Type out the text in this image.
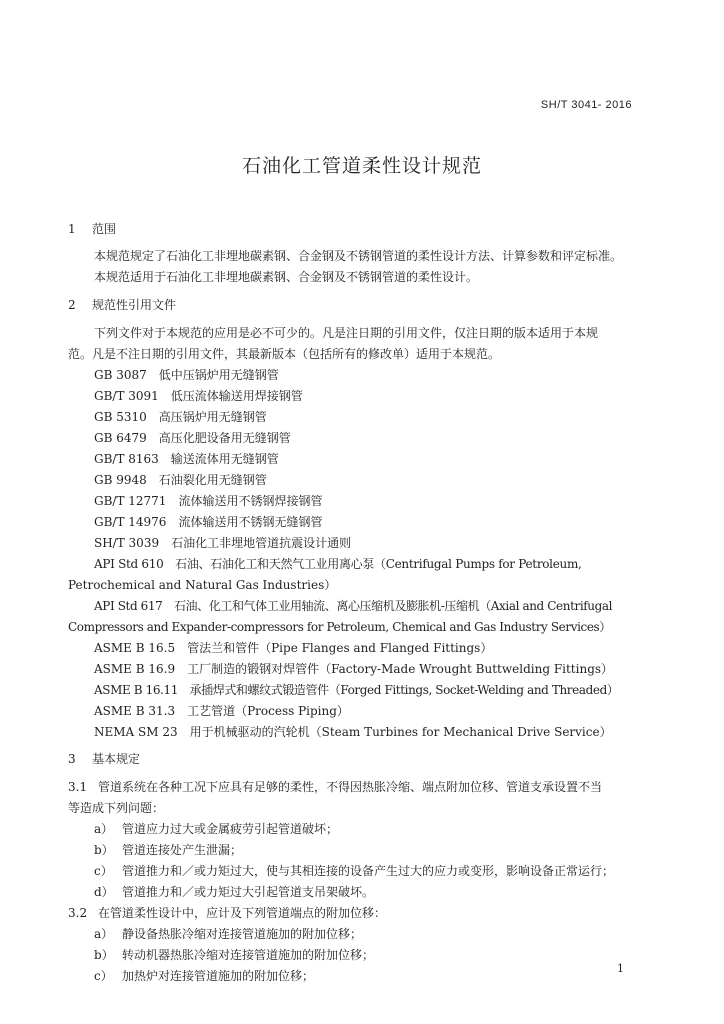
SH/T 3041- 2016
石油化工管道柔性设计规范
1 范围
本规范规定了石油化工非埋地碳素钢、合金钢及不锈钢管道的柔性设计方法、计算参数和评定标准。
本规范适用于石油化工非埋地碳素钢、合金钢及不锈钢管道的柔性设计。
2 规范性引用文件
下列文件对于本规范的应用是必不可少的。凡是注日期的引用文件，仅注日期的版本适用于本规
范。凡是不注日期的引用文件，其最新版本（包括所有的修改单）适用于本规范。
GB 3087　低中压锅炉用无缝钢管
GB/T 3091　低压流体输送用焊接钢管
GB 5310　高压锅炉用无缝钢管
GB 6479　高压化肥设备用无缝钢管
GB/T 8163　输送流体用无缝钢管
GB 9948　石油裂化用无缝钢管
GB/T 12771　流体输送用不锈钢焊接钢管
GB/T 14976　流体输送用不锈钢无缝钢管
SH/T 3039　石油化工非埋地管道抗震设计通则
API Std 610　石油、石油化工和天然气工业用离心泵（Centrifugal Pumps for Petroleum,
Petrochemical and Natural Gas Industries）
API Std 617　石油、化工和气体工业用轴流、离心压缩机及膨胀机-压缩机（Axial and Centrifugal
Compressors and Expander-compressors for Petroleum, Chemical and Gas Industry Services）
ASME B 16.5　管法兰和管件（Pipe Flanges and Flanged Fittings）
ASME B 16.9　工厂制造的锻钢对焊管件（Factory-Made Wrought Buttwelding Fittings）
ASME B 16.11　承插焊式和螺纹式锻造管件（Forged Fittings, Socket-Welding and Threaded）
ASME B 31.3　工艺管道（Process Piping）
NEMA SM 23　用于机械驱动的汽轮机（Steam Turbines for Mechanical Drive Service）
3 基本规定
3.1 管道系统在各种工况下应具有足够的柔性，不得因热胀冷缩、端点附加位移、管道支承设置不当
等造成下列问题：
a） 管道应力过大或金属疲劳引起管道破坏；
b） 管道连接处产生泄漏；
c） 管道推力和／或力矩过大，使与其相连接的设备产生过大的应力或变形，影响设备正常运行；
d） 管道推力和／或力矩过大引起管道支吊架破坏。
3.2 在管道柔性设计中，应计及下列管道端点的附加位移：
a） 静设备热胀冷缩对连接管道施加的附加位移；
b） 转动机器热胀冷缩对连接管道施加的附加位移；
c） 加热炉对连接管道施加的附加位移；
1
